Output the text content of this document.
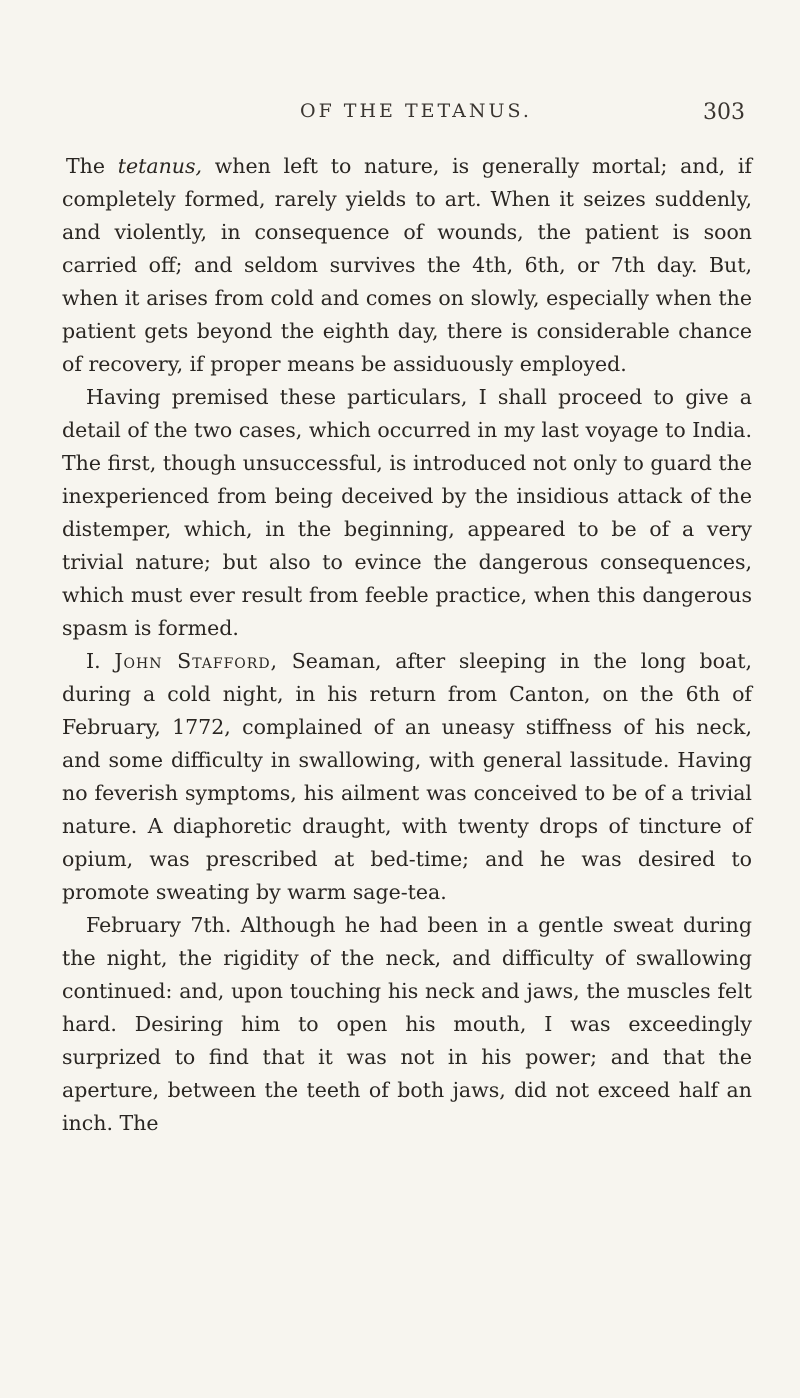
OF THE TETANUS.	303

The tetanus, when left to nature, is generally mortal; and, if completely formed, rarely yields to art. When it seizes suddenly, and violently, in consequence of wounds, the patient is soon carried off; and seldom survives the 4th, 6th, or 7th day. But, when it arises from cold and comes on slowly, especially when the patient gets beyond the eighth day, there is considerable chance of recovery, if proper means be assiduously employed.

Having premised these particulars, I shall proceed to give a detail of the two cases, which occurred in my last voyage to India. The first, though unsuccessful, is introduced not only to guard the inexperienced from being deceived by the insidious attack of the distemper, which, in the beginning, appeared to be of a very trivial nature; but also to evince the dangerous consequences, which must ever result from feeble practice, when this dangerous spasm is formed.

I. John Stafford, Seaman, after sleeping in the long boat, during a cold night, in his return from Canton, on the 6th of February, 1772, complained of an uneasy stiffness of his neck, and some difficulty in swallowing, with general lassitude. Having no feverish symptoms, his ailment was conceived to be of a trivial nature. A diaphoretic draught, with twenty drops of tincture of opium, was prescribed at bed-time; and he was desired to promote sweating by warm sage-tea.

February 7th. Although he had been in a gentle sweat during the night, the rigidity of the neck, and difficulty of swallowing continued: and, upon touching his neck and jaws, the muscles felt hard. Desiring him to open his mouth, I was exceedingly surprized to find that it was not in his power; and that the aperture, between the teeth of both jaws, did not exceed half an inch. The
